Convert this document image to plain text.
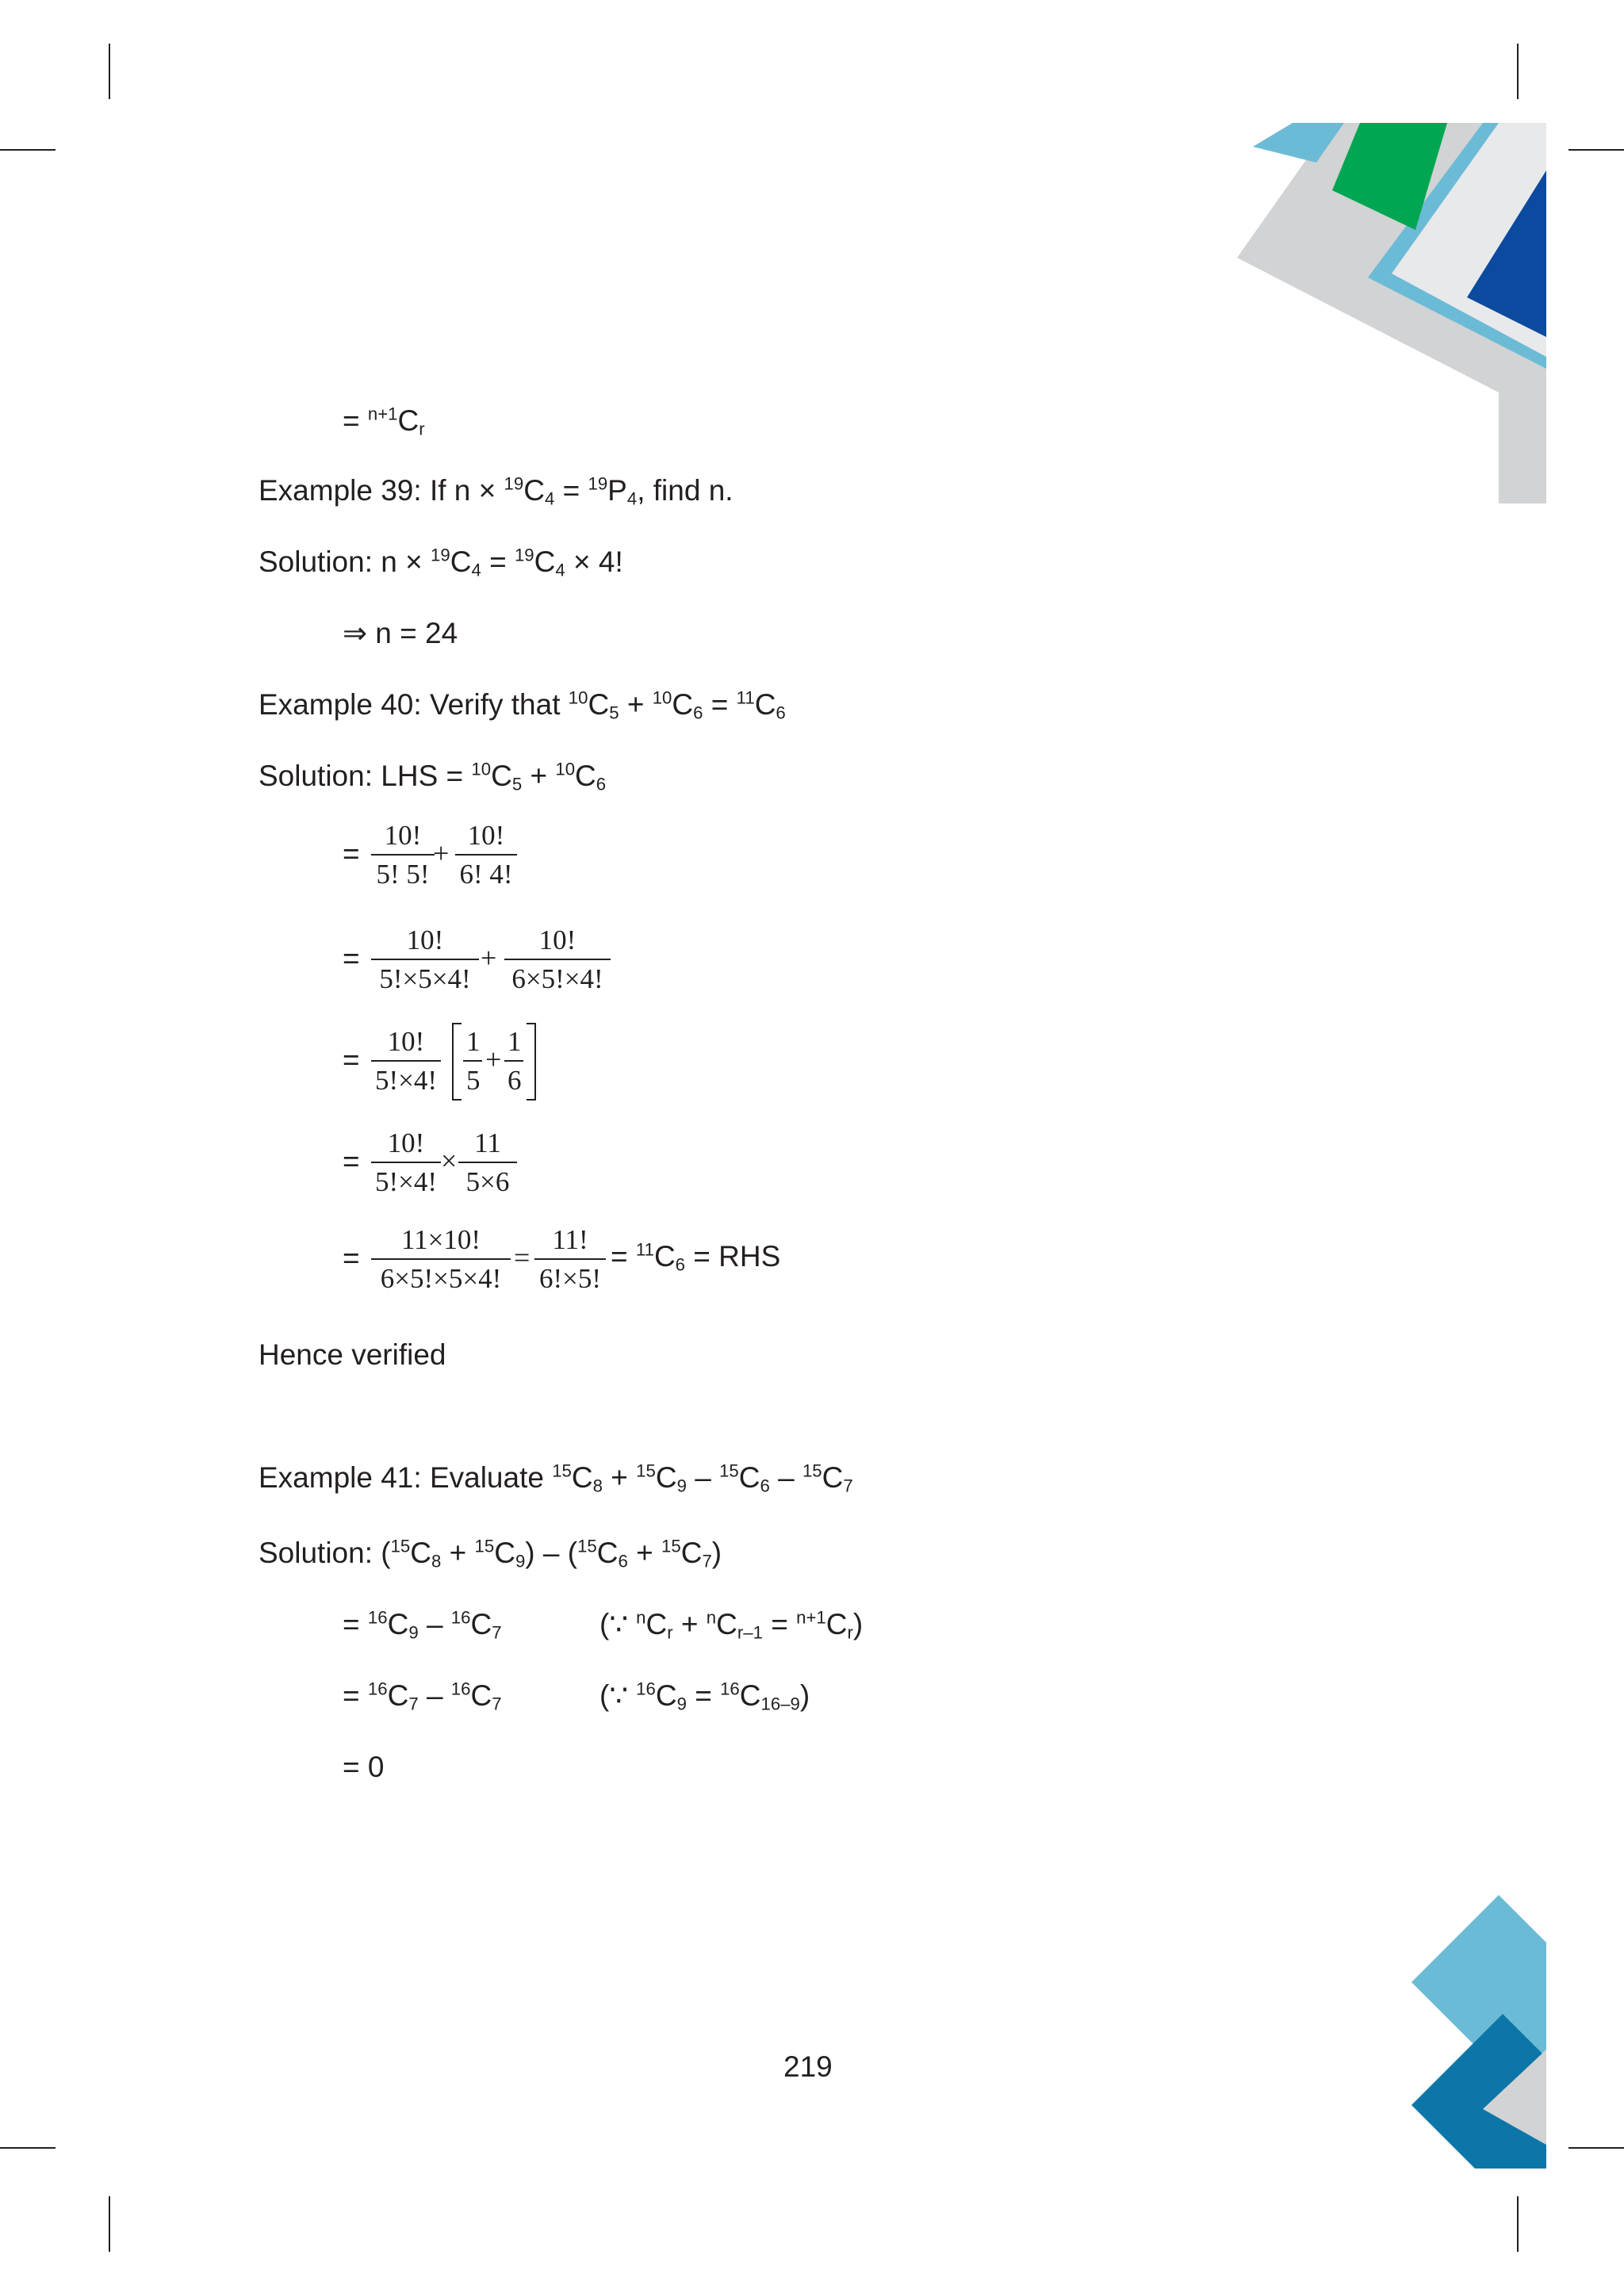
= $^{n+1}C_r$
Example 39: If $n \times ^{19}C_4 = ^{19}P_4$, find n.
Solution: $n \times ^{19}C_4 = ^{19}C_4 \times 4$!
⇒ n = 24
Example 40: Verify that $^{10}C_5 + ^{10}C_6 = ^{11}C_6$
Solution: LHS = $^{10}C_5 + ^{10}C_6$
= $\frac{10!}{5! 5!}$
+ $\frac{10!}{6! 4!}$
= $\frac{10!}{5!\times 5\times 4!} + \frac{10!}{6\times 5!\times 4!}$
= $\frac{10!}{5!\times 4!} \frac{1}{5} + \frac{1}{6}$
= $\frac{10!}{5!\times 4!} \times \frac{11}{5\times 6}$
= $\frac{11\times 10!}{6\times 5!\times 5\times 4!} = \frac{11!}{6!\times 5!} = ^{11}C_6$ = RHS
Hence verified
Example 41: Evaluate $^{15}C_8 + ^{15}C_9 - ^{15}C_6 - ^{15}C_7$
Solution: $(^{15}C_8 + ^{15}C_9) - (^{15}C_6 + ^{15}C_7)$
= $^{16}C_9 - ^{16}C_7$	(∵ $^nC_r + ^nC_{r-1} = ^{n+1}C_r$)
= $^{16}C_7 - ^{16}C_7$	(∵ $^{16}C_9 = ^{16}C_{16-9}$)
= 0
219
